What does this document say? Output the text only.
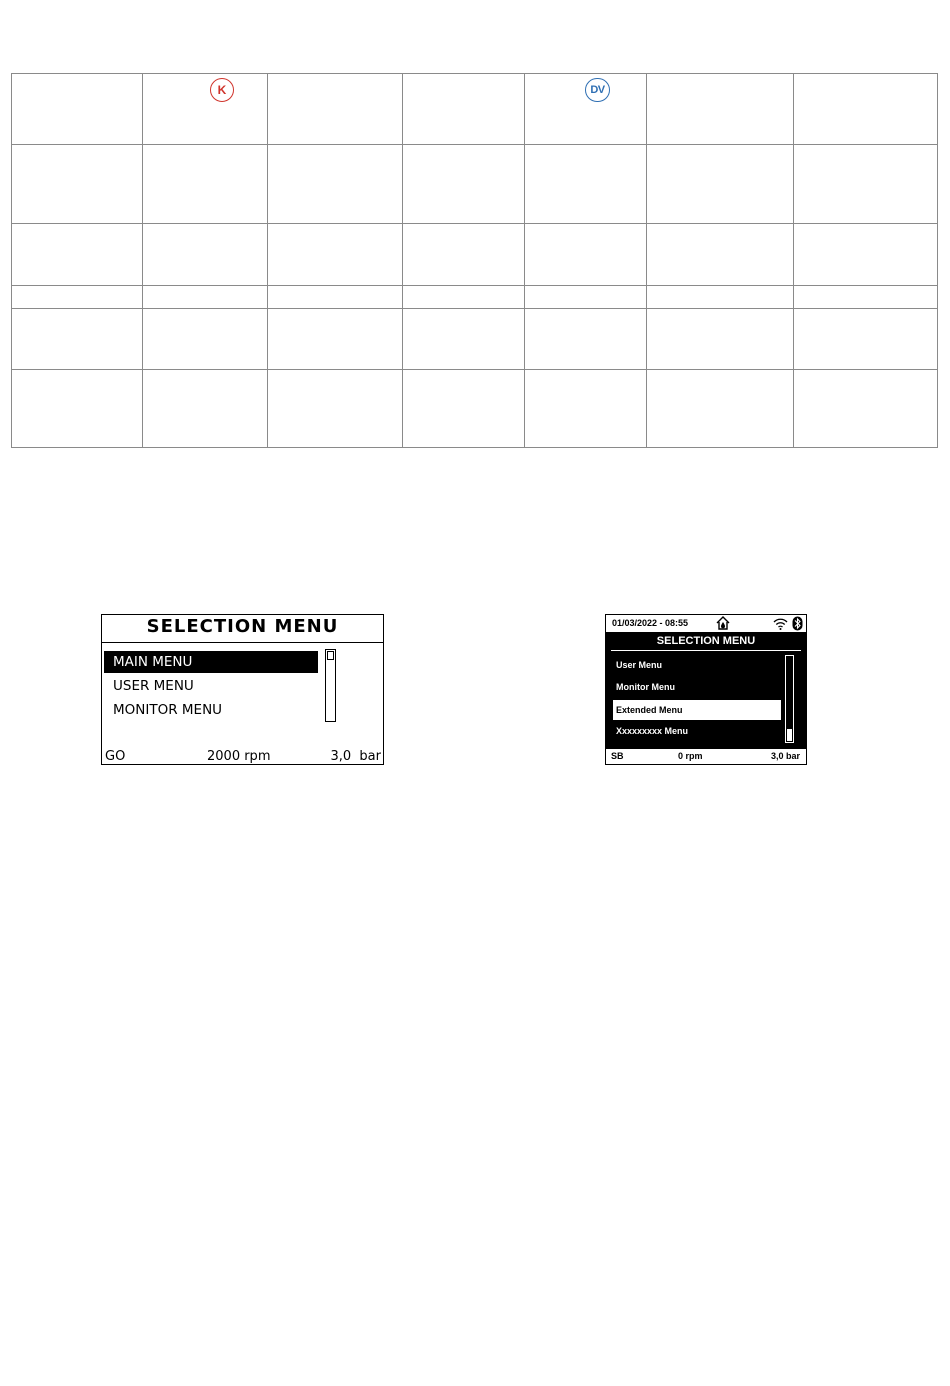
K	DV
SELECTION MENU
MAIN MENU
USER MENU
MONITOR MENU
GO	2000 rpm	3,0  bar
01/03/2022 - 08:55
SELECTION MENU
User Menu
Monitor Menu
Extended Menu
Xxxxxxxxx Menu
SB	0 rpm	3,0 bar
